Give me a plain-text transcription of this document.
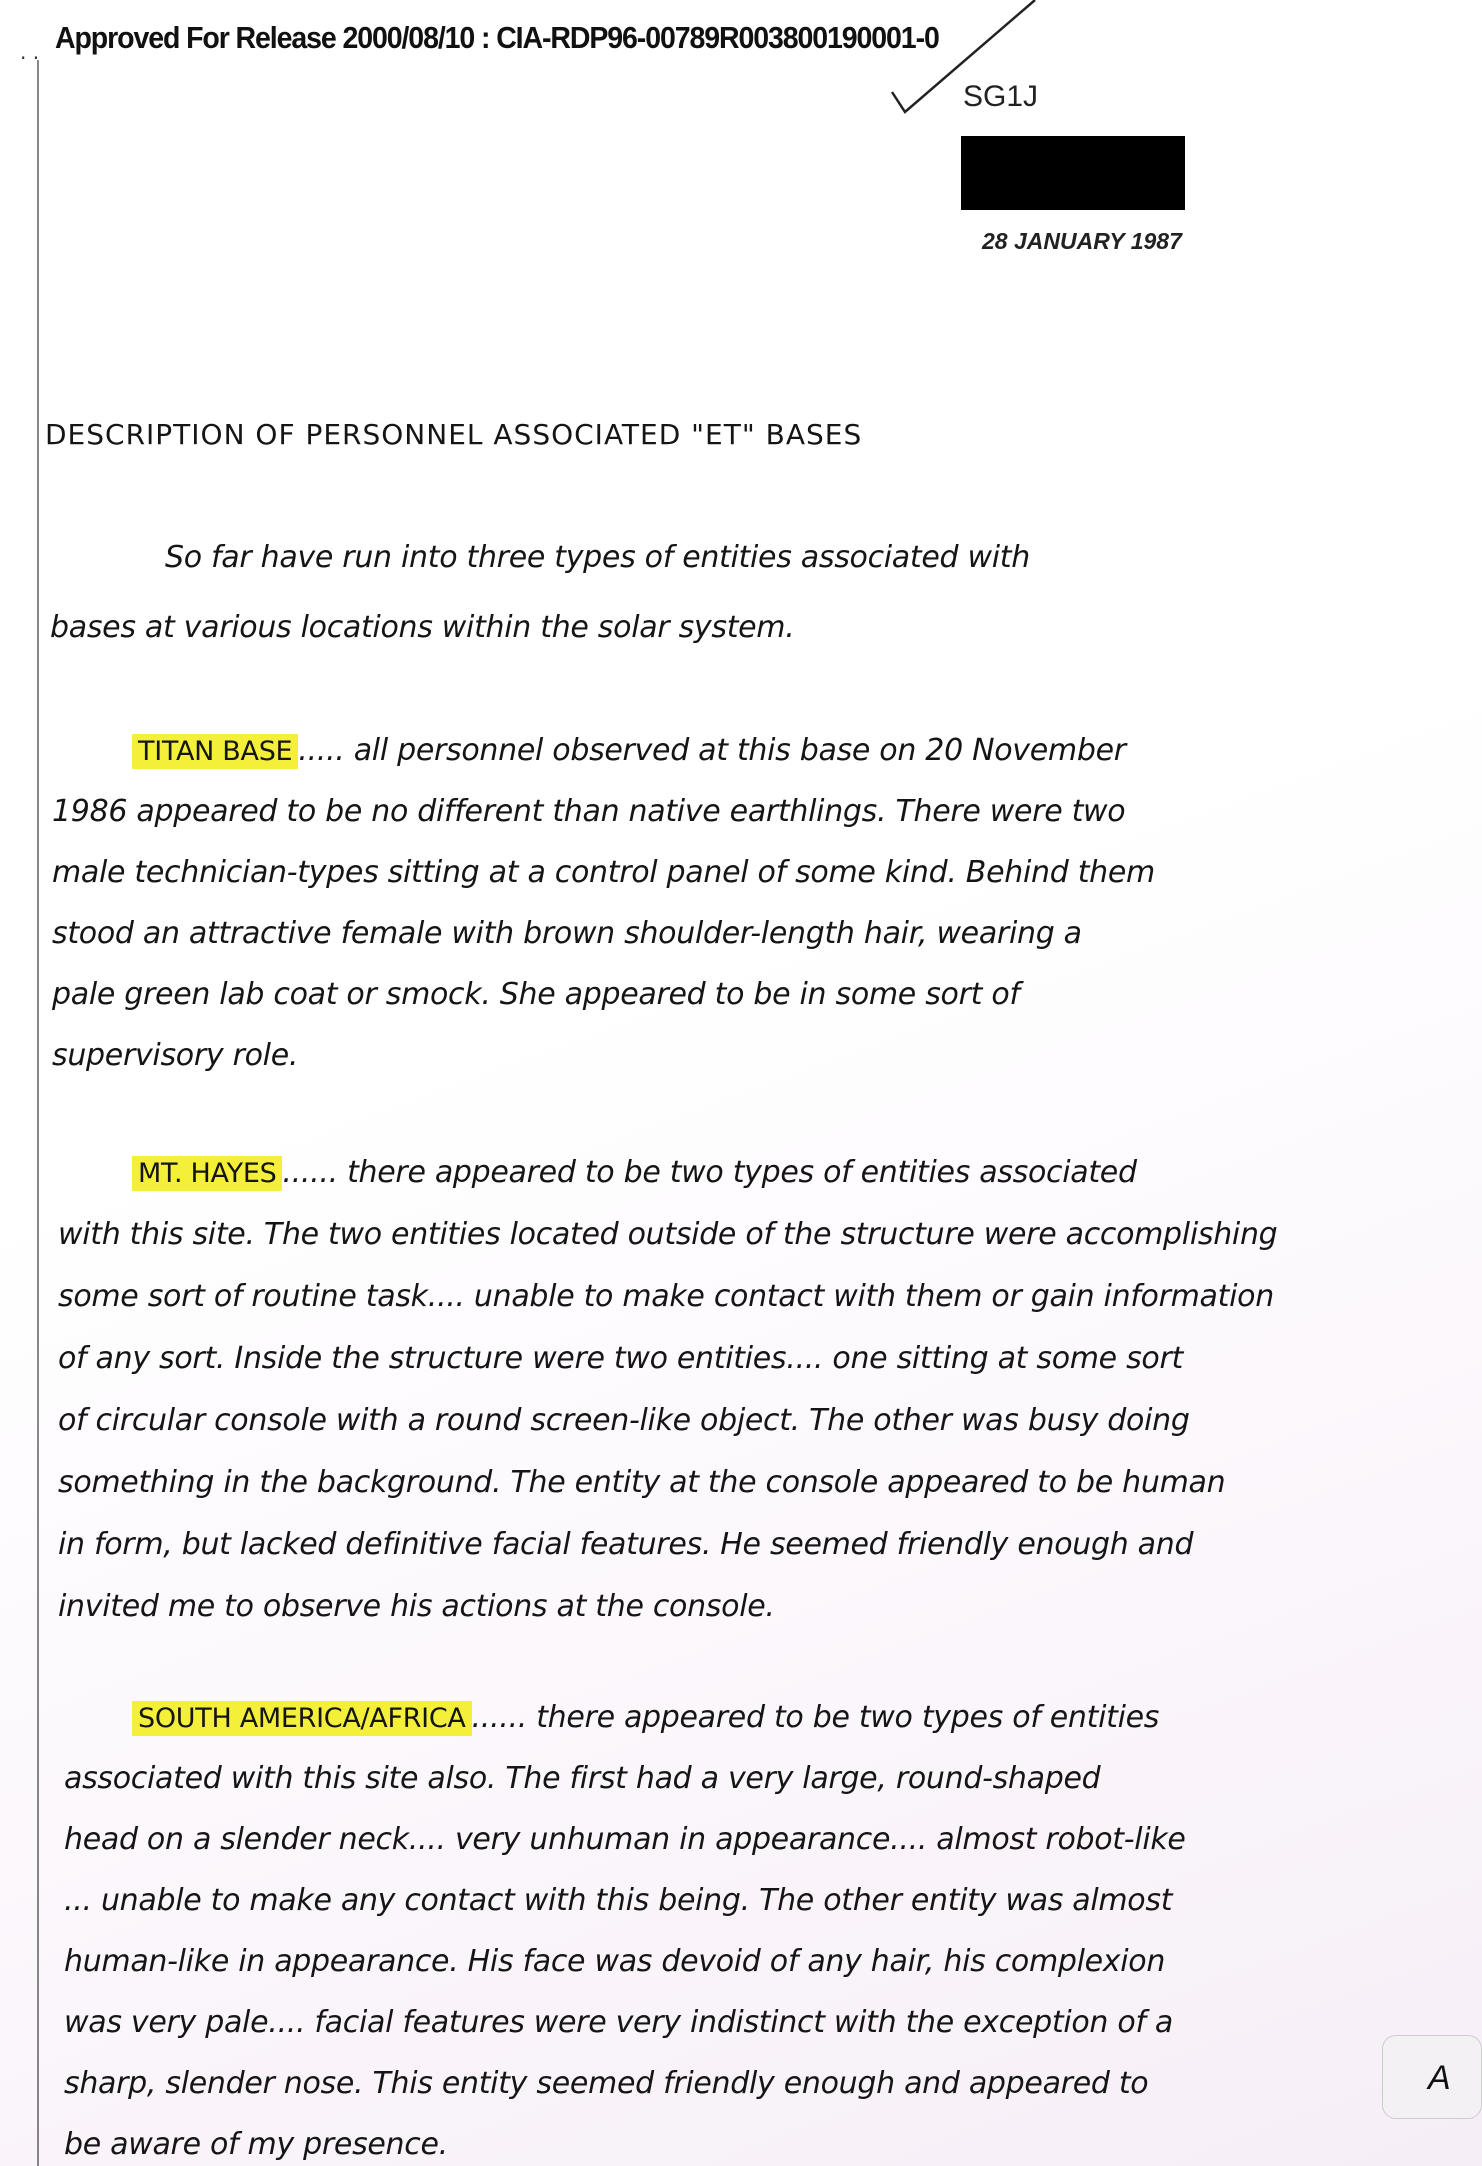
. . Approved For Release 2000/08/10 : CIA-RDP96-00789R003800190001-0
SG1J
28 JANUARY 1987
DESCRIPTION OF PERSONNEL ASSOCIATED "ET" BASES
So far have run into three types of entities associated with
bases at various locations within the solar system.
TITAN BASE ..... all personnel observed at this base on 20 November
1986 appeared to be no different than native earthlings. There were two
male technician-types sitting at a control panel of some kind. Behind them
stood an attractive female with brown shoulder-length hair, wearing a
pale green lab coat or smock. She appeared to be in some sort of
supervisory role.
MT. HAYES ...... there appeared to be two types of entities associated
with this site. The two entities located outside of the structure were accomplishing
some sort of routine task.... unable to make contact with them or gain information
of any sort. Inside the structure were two entities.... one sitting at some sort
of circular console with a round screen-like object. The other was busy doing
something in the background. The entity at the console appeared to be human
in form, but lacked definitive facial features. He seemed friendly enough and
invited me to observe his actions at the console.
SOUTH AMERICA/AFRICA ...... there appeared to be two types of entities
associated with this site also. The first had a very large, round-shaped
head on a slender neck.... very unhuman in appearance.... almost robot-like
... unable to make any contact with this being. The other entity was almost
human-like in appearance. His face was devoid of any hair, his complexion
was very pale.... facial features were very indistinct with the exception of a
sharp, slender nose. This entity seemed friendly enough and appeared to
be aware of my presence.
A
